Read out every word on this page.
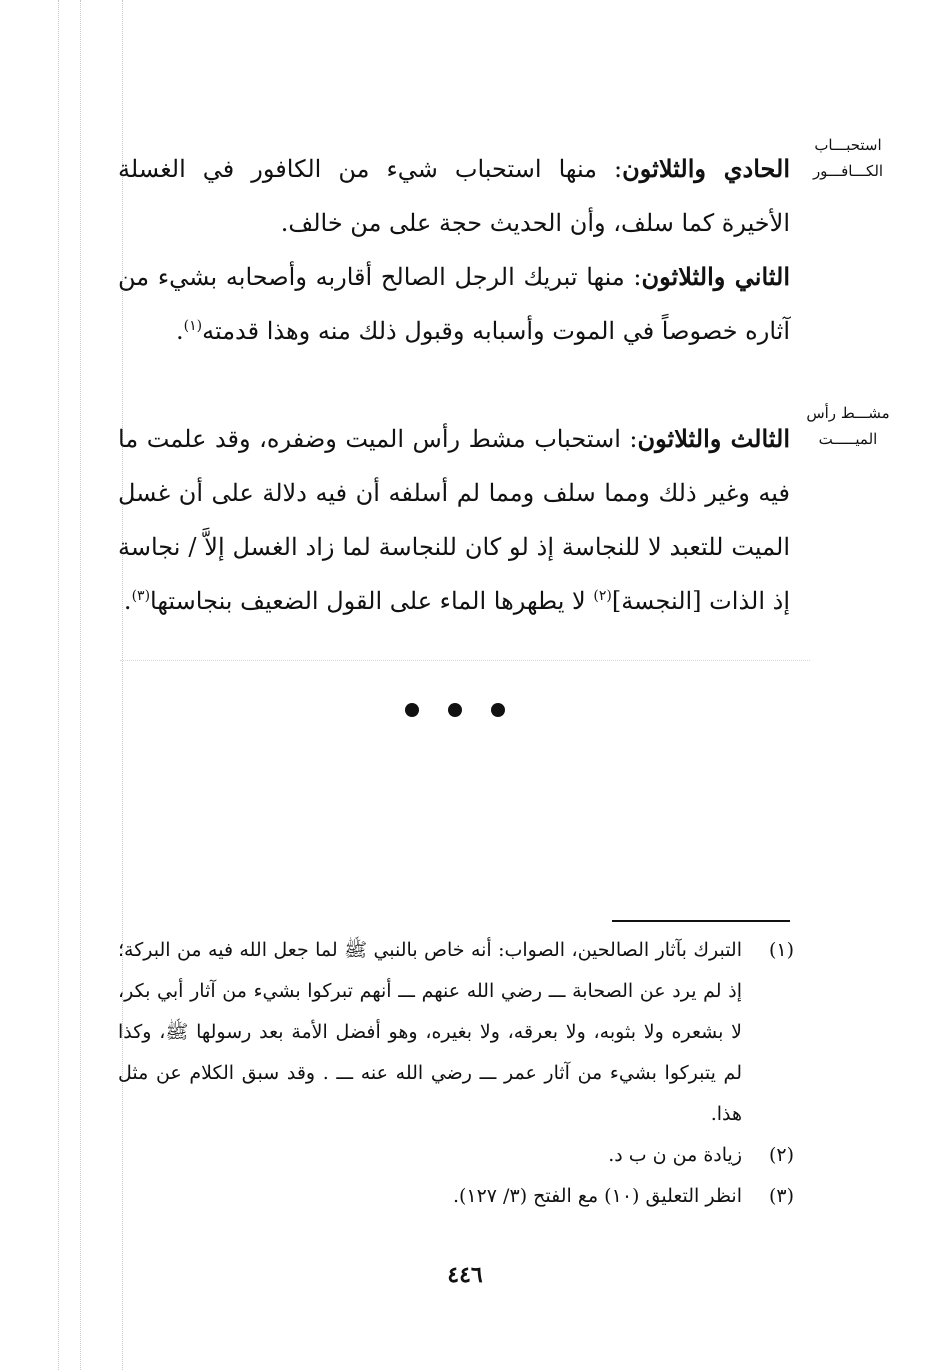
استحبـــاب
الكـــافـــور
مشـــط رأس
الميـــــت

الحادي والثلاثون: منها استحباب شيء من الكافور في الغسلة الأخيرة كما سلف، وأن الحديث حجة على من خالف.

الثاني والثلاثون: منها تبريك الرجل الصالح أقاربه وأصحابه بشيء من آثاره خصوصاً في الموت وأسبابه وقبول ذلك منه وهذا قدمته$^{(١)}$.

الثالث والثلاثون: استحباب مشط رأس الميت وضفره، وقد علمت ما فيه وغير ذلك ومما سلف ومما لم أسلفه أن فيه دلالة على أن غسل الميت للتعبد لا للنجاسة إذ لو كان للنجاسة لما زاد الغسل إلاَّ / نجاسة إذ الذات [النجسة]$^{(٢)}$ لا يطهرها الماء على القول الضعيف بنجاستها$^{(٣)}$.

(١)
التبرك بآثار الصالحين، الصواب: أنه خاص بالنبي ﷺ لما جعل الله فيه من البركة؛ إذ لم يرد عن الصحابة ـــ رضي الله عنهم ـــ أنهم تبركوا بشيء من آثار أبي بكر، لا بشعره ولا بثوبه، ولا بعرقه، ولا بغيره، وهو أفضل الأمة بعد رسولها ﷺ، وكذا لم يتبركوا بشيء من آثار عمر ـــ رضي الله عنه ـــ . وقد سبق الكلام عن مثل هذا.
(٢)
زيادة من ن ب د.
(٣)
انظر التعليق (١٠) مع الفتح (٣/ ١٢٧).
٤٤٦
